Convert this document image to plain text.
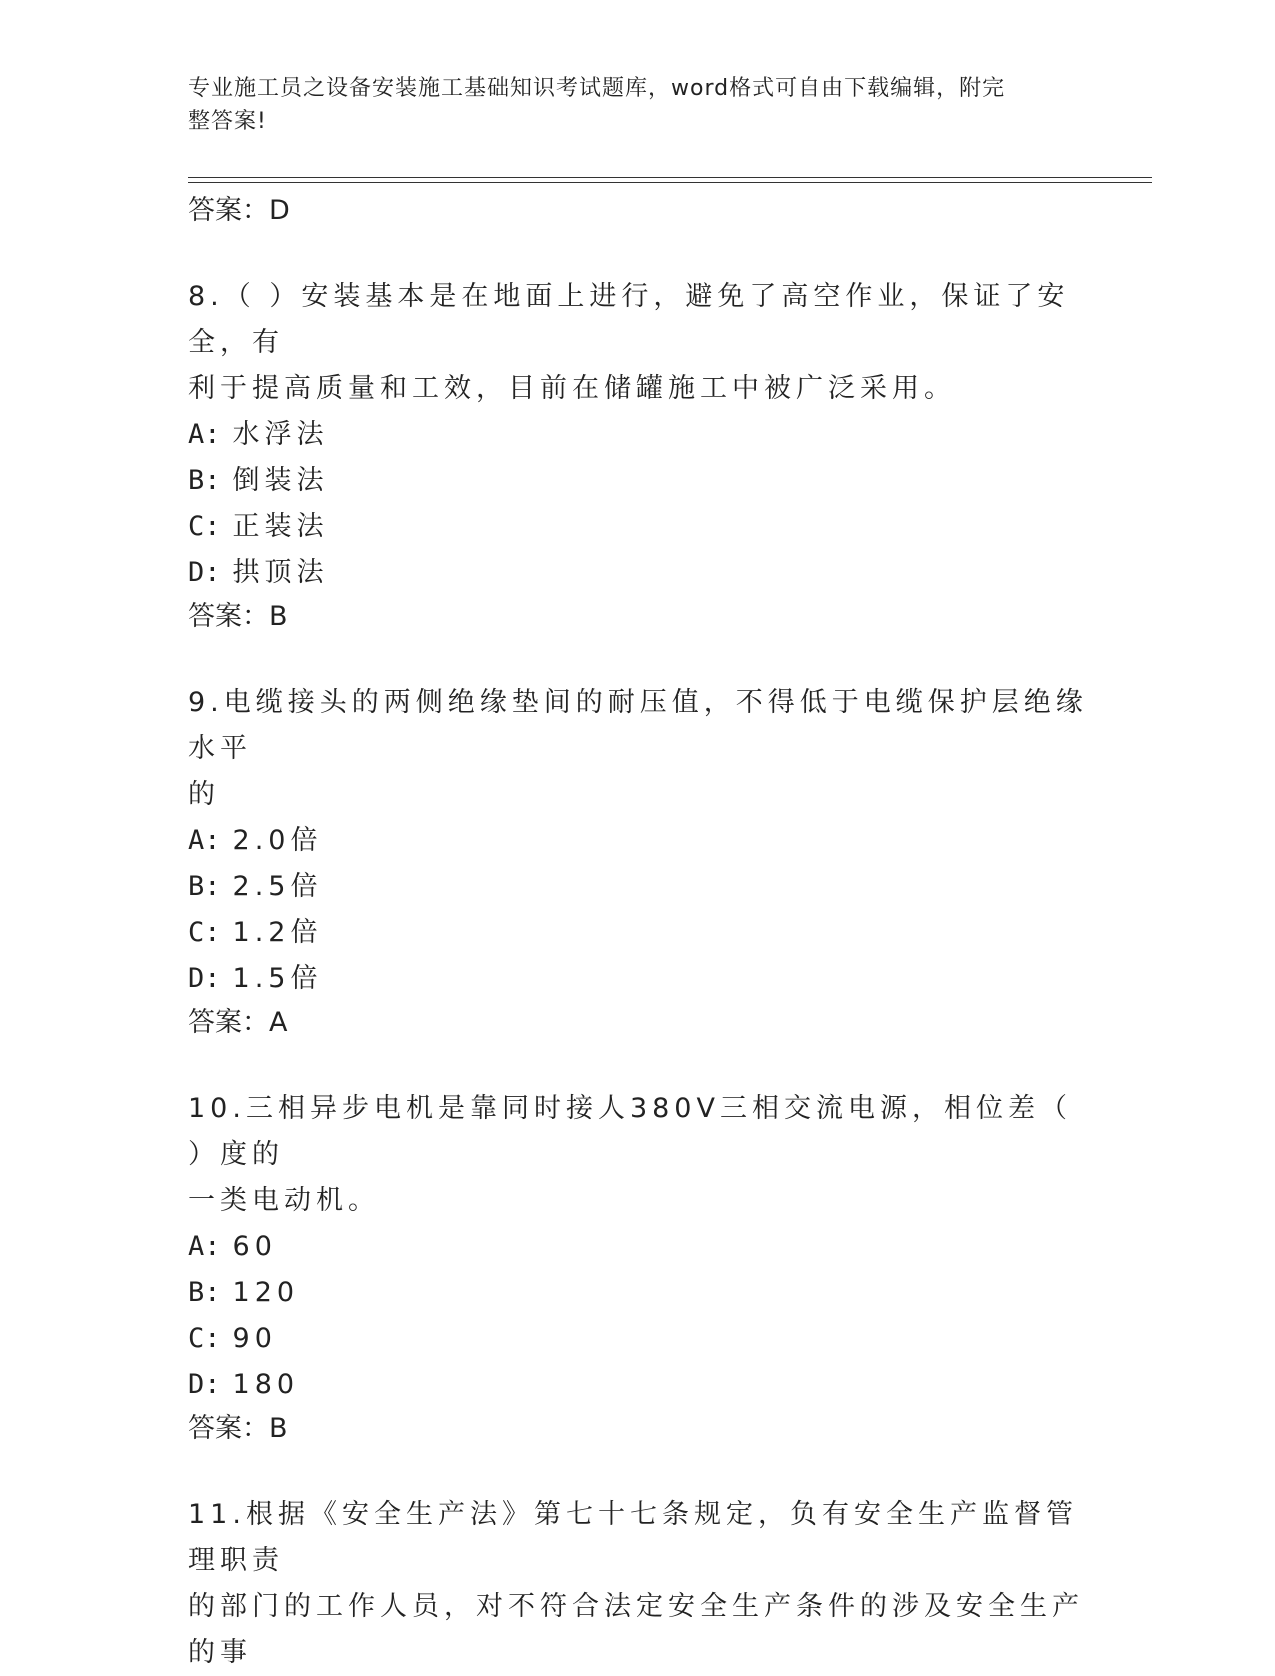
专业施工员之设备安装施工基础知识考试题库，word格式可自由下载编辑，附完
整答案!
答案：D
8.（ ）安装基本是在地面上进行，避免了高空作业，保证了安全，有
利于提高质量和工效，目前在储罐施工中被广泛采用。
A: 水浮法
B: 倒装法
C: 正装法
D: 拱顶法
答案：B
9.电缆接头的两侧绝缘垫间的耐压值，不得低于电缆保护层绝缘水平
的
A: 2.0倍
B: 2.5倍
C: 1.2倍
D: 1.5倍
答案：A
10.三相异步电机是靠同时接人380V三相交流电源，相位差（ ）度的
一类电动机。
A: 60
B: 120
C: 90
D: 180
答案：B
11.根据《安全生产法》第七十七条规定，负有安全生产监督管理职责
的部门的工作人员，对不符合法定安全生产条件的涉及安全生产的事
